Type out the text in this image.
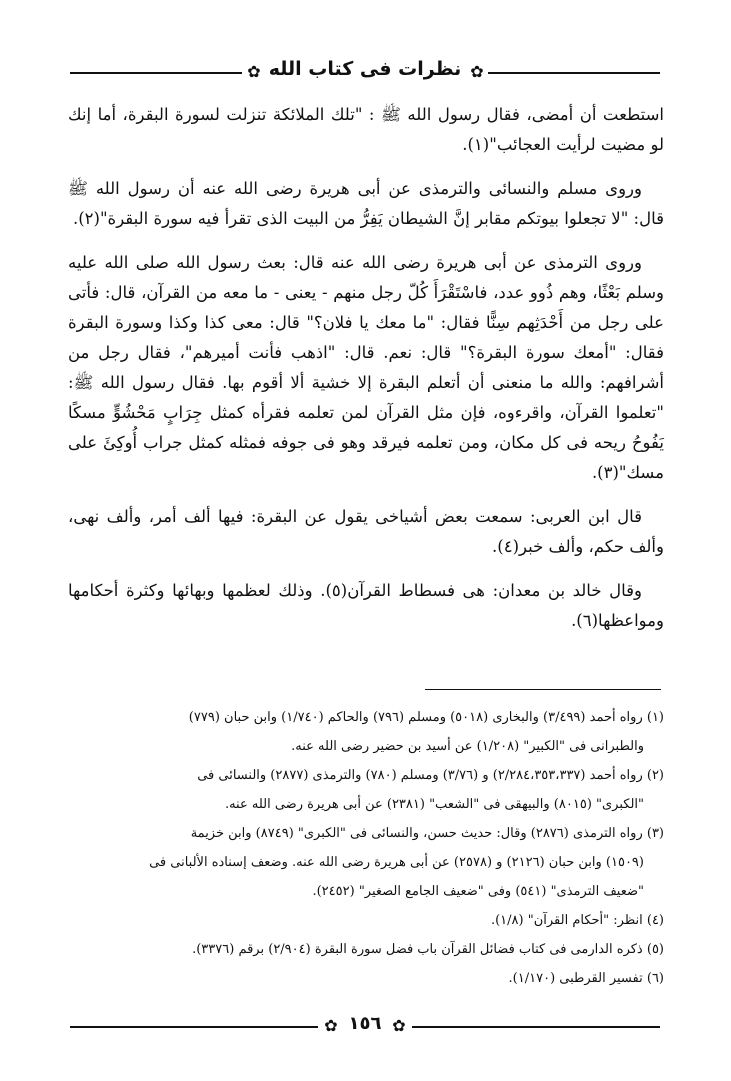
✿ نظرات فى كتاب الله ✿

استطعت أن أمضى، فقال رسول الله ﷺ : "تلك الملائكة تنزلت لسورة البقرة، أما إنك لو مضيت لرأيت العجائب"(١).

وروى مسلم والنسائى والترمذى عن أبى هريرة رضى الله عنه أن رسول الله ﷺ قال: "لا تجعلوا بيوتكم مقابر إنَّ الشيطان يَفِرُّ من البيت الذى تقرأ فيه سورة البقرة"(٢).

وروى الترمذى عن أبى هريرة رضى الله عنه قال: بعث رسول الله صلى الله عليه وسلم بَعْثًا، وهم ذُوو عدد، فاسْتَقْرَأَ كُلّ رجل منهم - يعنى - ما معه من القرآن، قال: فأتى على رجل من أَحْدَثِهم سِنًّا فقال: "ما معك يا فلان؟" قال: معى كذا وكذا وسورة البقرة فقال: "أمعك سورة البقرة؟" قال: نعم. قال: "اذهب فأنت أميرهم"، فقال رجل من أشرافهم: والله ما منعنى أن أتعلم البقرة إلا خشية ألا أقوم بها. فقال رسول الله ﷺ: "تعلموا القرآن، واقرءوه، فإن مثل القرآن لمن تعلمه فقرأه كمثل جِرَابٍ مَحْشُوٍّ مسكًا يَفُوحُ ريحه فى كل مكان، ومن تعلمه فيرقد وهو فى جوفه فمثله كمثل جراب أُوكِئَ على مسك"(٣).

قال ابن العربى: سمعت بعض أشياخى يقول عن البقرة: فيها ألف أمر، وألف نهى، وألف حكم، وألف خبر(٤).

وقال خالد بن معدان: هى فسطاط القرآن(٥). وذلك لعظمها وبهائها وكثرة أحكامها ومواعظها(٦).

(١) رواه أحمد (٣/٤٩٩) والبخارى (٥٠١٨) ومسلم (٧٩٦) والحاكم (١/٧٤٠) وابن حبان (٧٧٩)
والطبرانى فى "الكبير" (١/٢٠٨) عن أسيد بن حضير رضى الله عنه.
(٢) رواه أحمد (٢/٢٨٤،٣٥٣،٣٣٧) و (٣/٧٦) ومسلم (٧٨٠) والترمذى (٢٨٧٧) والنسائى فى
"الكبرى" (٨٠١٥) والبيهقى فى "الشعب" (٢٣٨١) عن أبى هريرة رضى الله عنه.
(٣) رواه الترمذى (٢٨٧٦) وقال: حديث حسن، والنسائى فى "الكبرى" (٨٧٤٩) وابن خزيمة
(١٥٠٩) وابن حبان (٢١٢٦) و (٢٥٧٨) عن أبى هريرة رضى الله عنه. وضعف إسناده الألبانى فى
"ضعيف الترمذى" (٥٤١) وفى "ضعيف الجامع الصغير" (٢٤٥٢).
(٤) انظر: "أحكام القرآن" (١/٨).
(٥) ذكره الدارمى فى كتاب فضائل القرآن باب فضل سورة البقرة (٢/٩٠٤) برقم (٣٣٧٦).
(٦) تفسير القرطبى (١/١٧٠).
✿ ١٥٦ ✿
